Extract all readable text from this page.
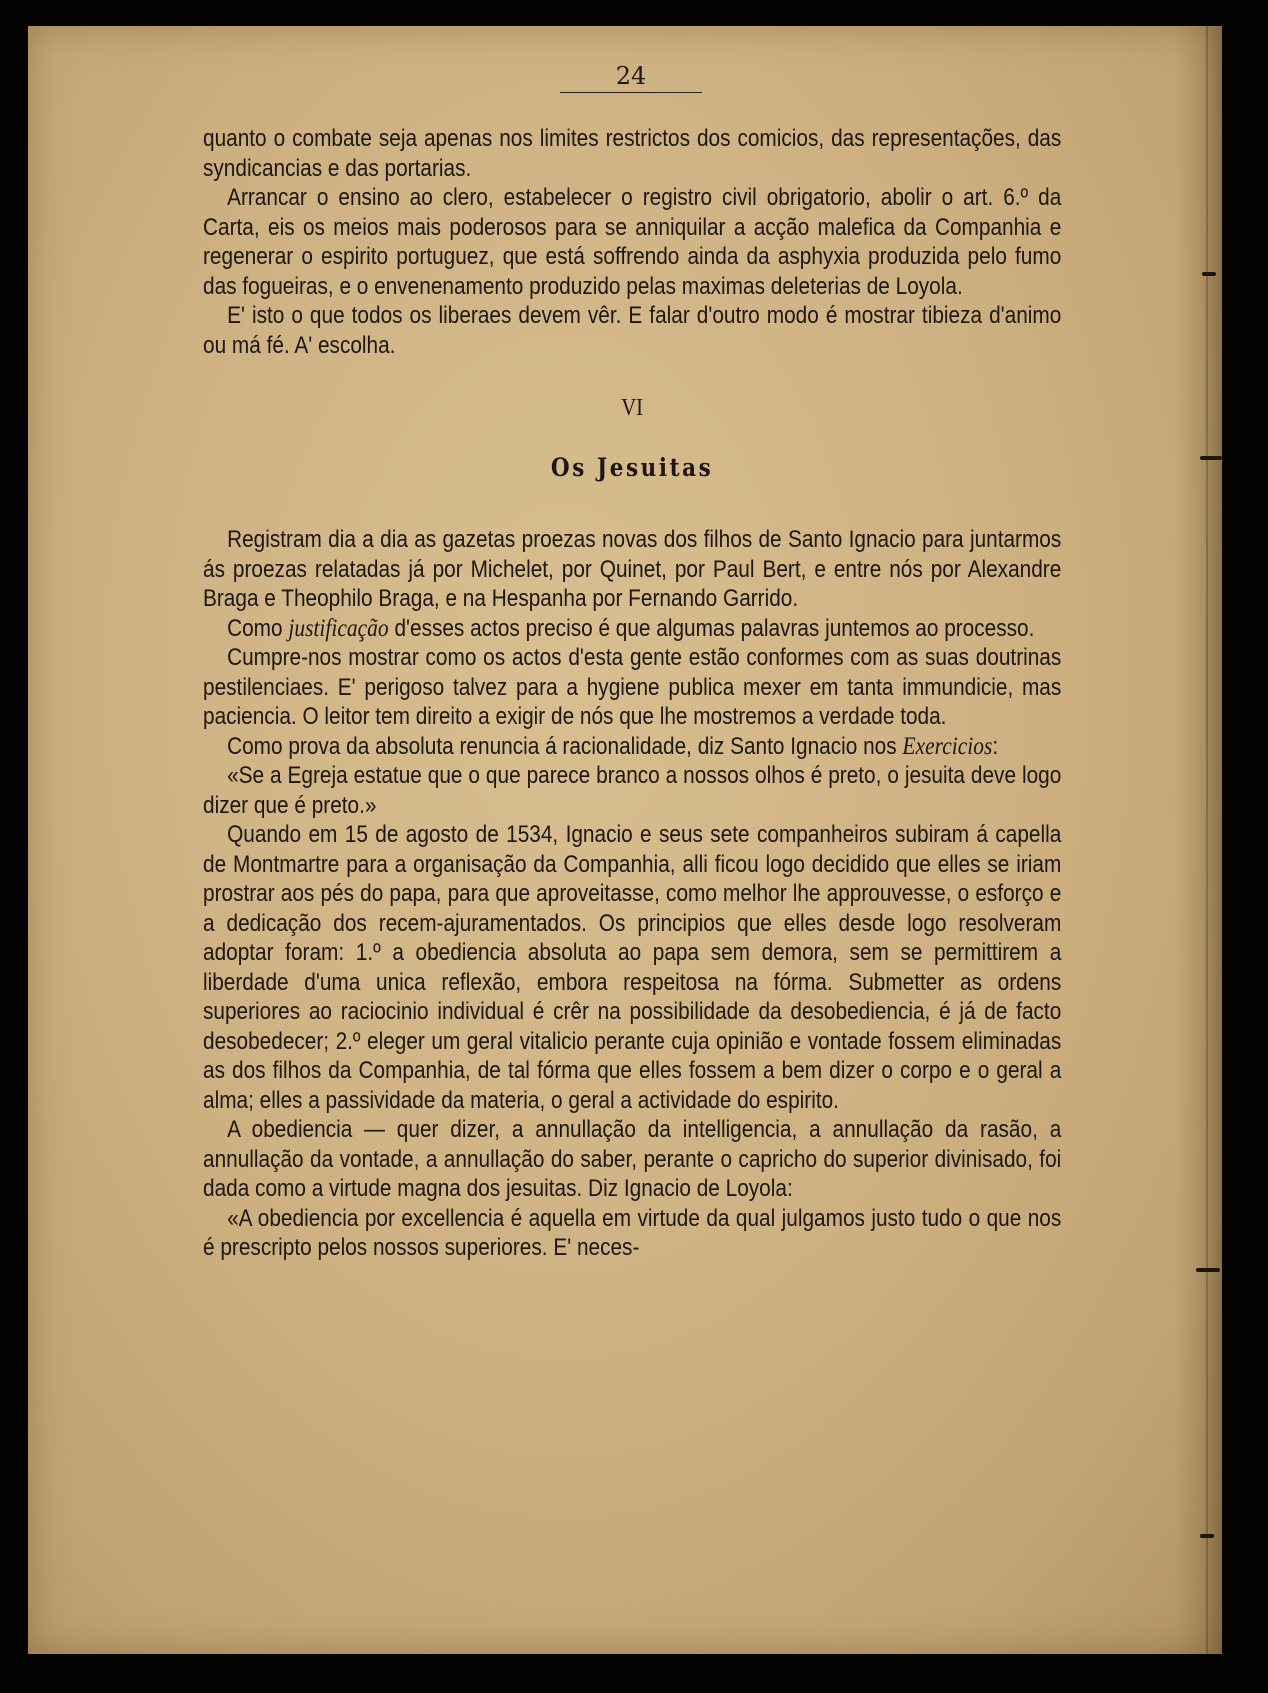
24

quanto o combate seja apenas nos limites restrictos dos comicios, das representações, das syndicancias e das portarias.

Arrancar o ensino ao clero, estabelecer o registro civil obrigatorio, abolir o art. 6.º da Carta, eis os meios mais poderosos para se anniquilar a acção malefica da Companhia e regenerar o espirito portuguez, que está soffrendo ainda da asphyxia produzida pelo fumo das fogueiras, e o envenenamento produzido pelas maximas deleterias de Loyola.

E' isto o que todos os liberaes devem vêr. E falar d'outro modo é mostrar tibieza d'animo ou má fé. A' escolha.

VI
Os Jesuitas

Registram dia a dia as gazetas proezas novas dos filhos de Santo Ignacio para juntarmos ás proezas relatadas já por Michelet, por Quinet, por Paul Bert, e entre nós por Alexandre Braga e Theophilo Braga, e na Hespanha por Fernando Garrido.

Como justificação d'esses actos preciso é que algumas palavras juntemos ao processo.

Cumpre-nos mostrar como os actos d'esta gente estão conformes com as suas doutrinas pestilenciaes. E' perigoso talvez para a hygiene publica mexer em tanta immundicie, mas paciencia. O leitor tem direito a exigir de nós que lhe mostremos a verdade toda.

Como prova da absoluta renuncia á racionalidade, diz Santo Ignacio nos Exercicios:

«Se a Egreja estatue que o que parece branco a nossos olhos é preto, o jesuita deve logo dizer que é preto.»

Quando em 15 de agosto de 1534, Ignacio e seus sete companheiros subiram á capella de Montmartre para a organisação da Companhia, alli ficou logo decidido que elles se iriam prostrar aos pés do papa, para que aproveitasse, como melhor lhe approuvesse, o esforço e a dedicação dos recem-ajuramentados. Os principios que elles desde logo resolveram adoptar foram: 1.º a obediencia absoluta ao papa sem demora, sem se permittirem a liberdade d'uma unica reflexão, embora respeitosa na fórma. Submetter as ordens superiores ao raciocinio individual é crêr na possibilidade da desobediencia, é já de facto desobedecer; 2.º eleger um geral vitalicio perante cuja opinião e vontade fossem eliminadas as dos filhos da Companhia, de tal fórma que elles fossem a bem dizer o corpo e o geral a alma; elles a passividade da materia, o geral a actividade do espirito.

A obediencia — quer dizer, a annullação da intelligencia, a annullação da rasão, a annullação da vontade, a annullação do saber, perante o capricho do superior divinisado, foi dada como a virtude magna dos jesuitas. Diz Ignacio de Loyola:

«A obediencia por excellencia é aquella em virtude da qual julgamos justo tudo o que nos é prescripto pelos nossos superiores. E' neces-
